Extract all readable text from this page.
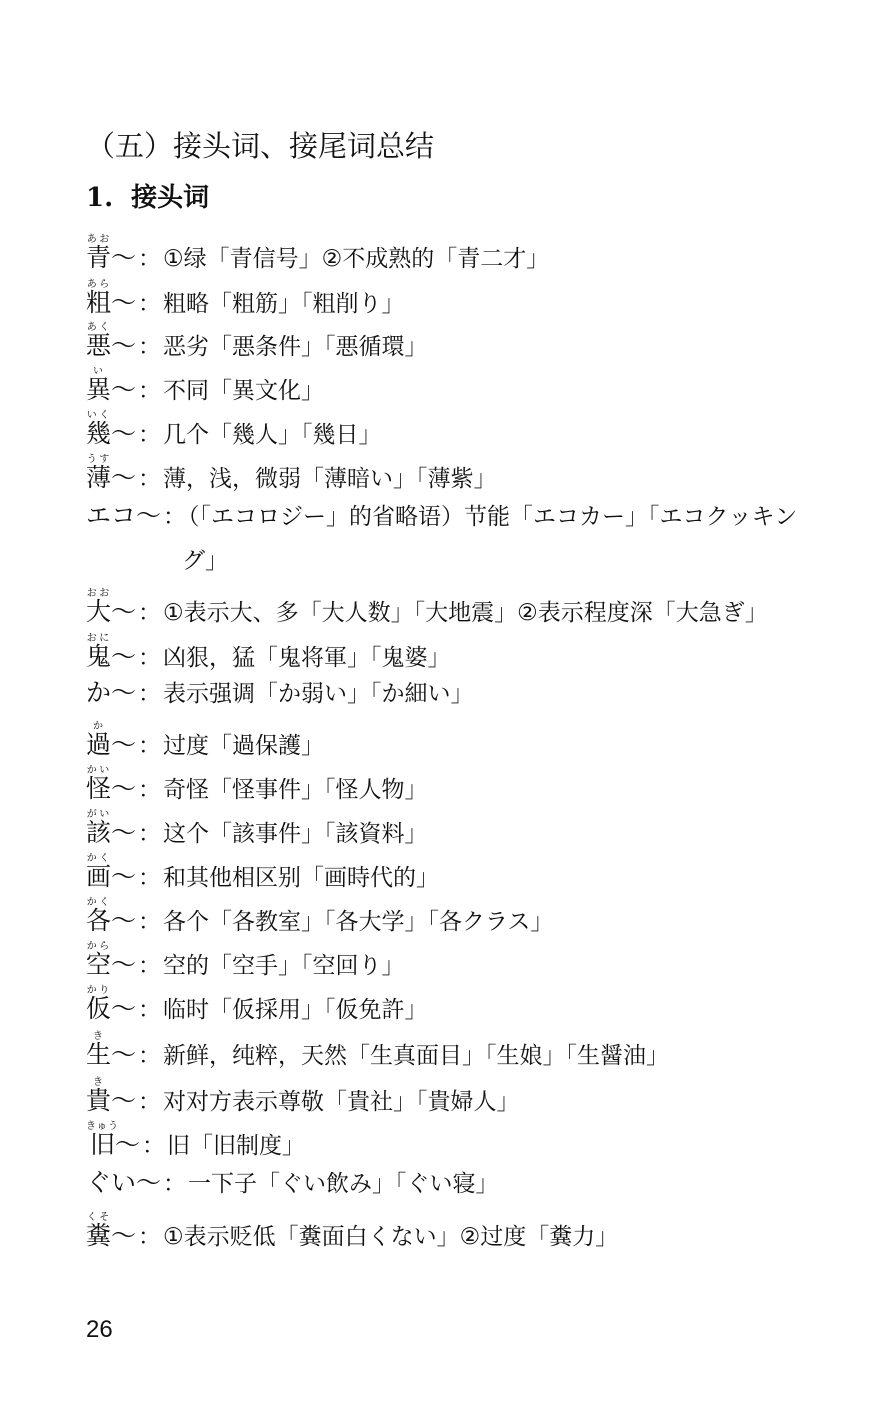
（五）接头词、接尾词总结
1. 接头词
青あお～：①绿「青信号」②不成熟的「青二才」
粗あら～：粗略「粗筋」「粗削り」
悪あく～：恶劣「悪条件」「悪循環」
異い～：不同「異文化」
幾いく～：几个「幾人」「幾日」
薄うす～：薄，浅，微弱「薄暗い」「薄紫」
エコ～：（「エコロジー」的省略语）节能「エコカー」「エコクッキン
グ」
大おお～：①表示大、多「大人数」「大地震」②表示程度深「大急ぎ」
鬼おに～：凶狠，猛「鬼将軍」「鬼婆」
か～：表示强调「か弱い」「か細い」
過か～：过度「過保護」
怪かい～：奇怪「怪事件」「怪人物」
該がい～：这个「該事件」「該資料」
画かく～：和其他相区别「画時代的」
各かく～：各个「各教室」「各大学」「各クラス」
空から～：空的「空手」「空回り」
仮かり～：临时「仮採用」「仮免許」
生き～：新鲜，纯粹，天然「生真面目」「生娘」「生醤油」
貴き～：对对方表示尊敬「貴社」「貴婦人」
旧きゅう～：旧「旧制度」
ぐい～：一下子「ぐい飲み」「ぐい寝」
糞くそ～：①表示贬低「糞面白くない」②过度「糞力」
26
